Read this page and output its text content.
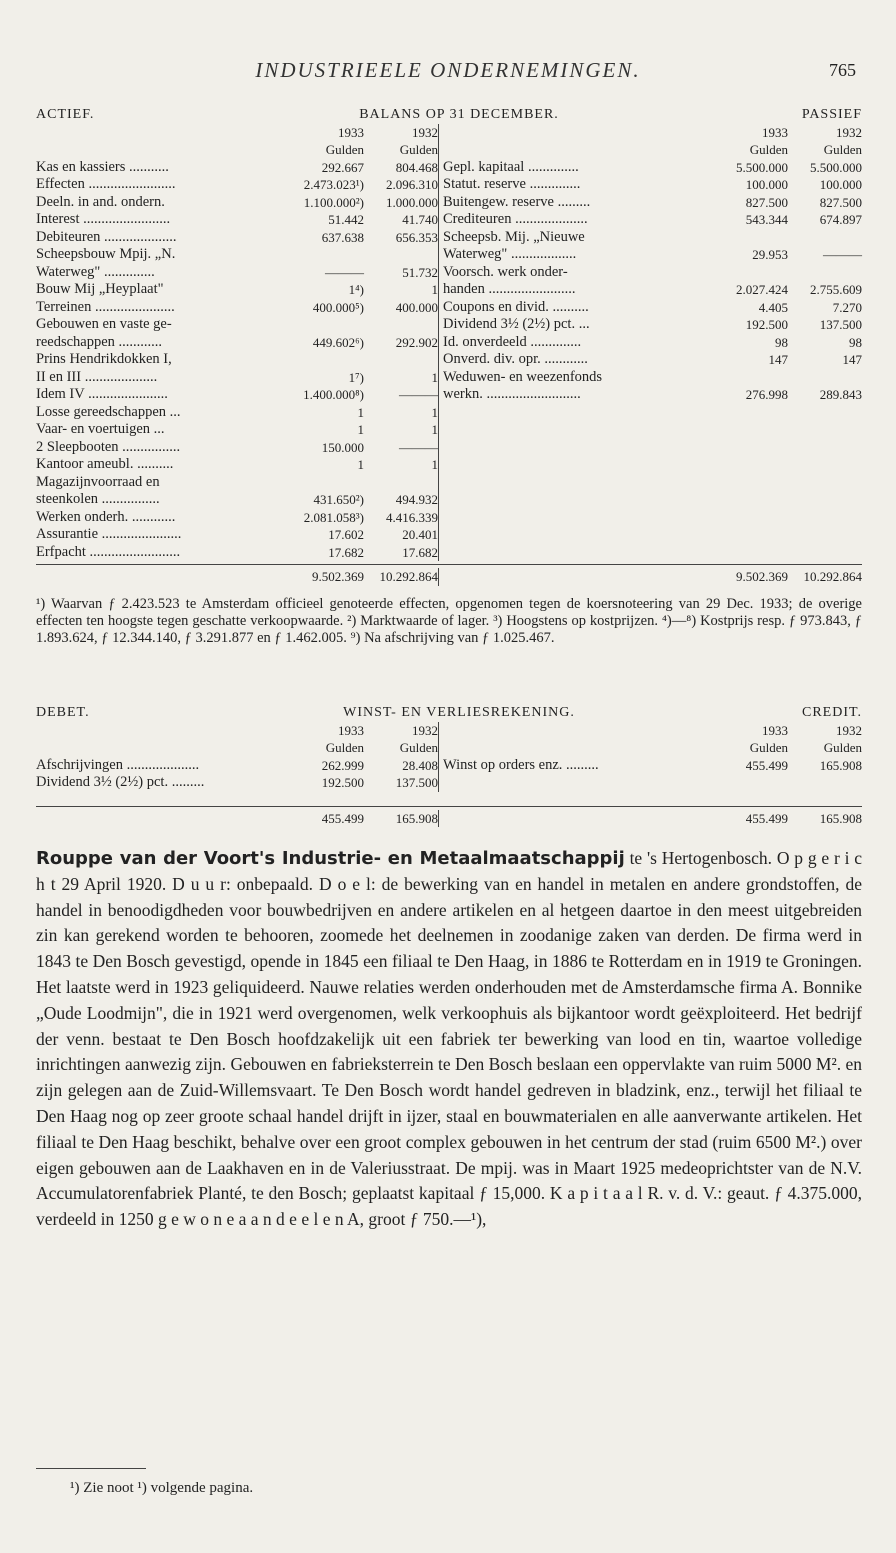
INDUSTRIEELE ONDERNEMINGEN.	765
ACTIEF.	BALANS OP 31 DECEMBER.	PASSIEF
1933	1932	1933	1932
Gulden	Gulden	Gulden	Gulden
Kas en kassiers ...........	292.667	804.468
Effecten ........................	2.473.023¹)	2.096.310
Deeln. in and. ondern.	1.100.000²)	1.000.000
Interest ........................	51.442	41.740
Debiteuren ....................	637.638	656.353
Scheepsbouw Mpij. „N.
Waterweg" ..............	———	51.732
Bouw Mij „Heyplaat"	1⁴)	1
Terreinen ......................	400.000⁵)	400.000
Gebouwen en vaste ge-
reedschappen ............	449.602⁶)	292.902
Prins Hendrikdokken I,
II en III ....................	1⁷)	1
Idem IV ......................	1.400.000⁸)	———
Losse gereedschappen ...	1	1
Vaar- en voertuigen ...	1	1
2 Sleepbooten ................	150.000	———
Kantoor ameubl. ..........	1	1
Magazijnvoorraad en
steenkolen ................	431.650²)	494.932
Werken onderh. ............	2.081.058³)	4.416.339
Assurantie ......................	17.602	20.401
Erfpacht .........................	17.682	17.682
Gepl. kapitaal ..............	5.500.000	5.500.000
Statut. reserve ..............	100.000	100.000
Buitengew. reserve .........	827.500	827.500
Crediteuren ....................	543.344	674.897
Scheepsb. Mij. „Nieuwe
Waterweg" ..................	29.953	———
Voorsch. werk onder-
handen ........................	2.027.424	2.755.609
Coupons en divid. ..........	4.405	7.270
Dividend 3½ (2½) pct. ...	192.500	137.500
Id. onverdeeld ..............	98	98
Onverd. div. opr. ............	147	147
Weduwen- en weezenfonds
werkn. ..........................	276.998	289.843
9.502.369	10.292.864	9.502.369	10.292.864
¹) Waarvan ƒ 2.423.523 te Amsterdam officieel genoteerde effecten, opgenomen tegen de koersnoteering van 29 Dec. 1933; de overige effecten ten hoogste tegen geschatte verkoopwaarde. ²) Marktwaarde of lager. ³) Hoogstens op kostprijzen. ⁴)—⁸) Kostprijs resp. ƒ 973.843, ƒ 1.893.624, ƒ 12.344.140, ƒ 3.291.877 en ƒ 1.462.005. ⁹) Na afschrijving van ƒ 1.025.467.
DEBET.	WINST- EN VERLIESREKENING.	CREDIT.
1933	1932	1933	1932
Gulden	Gulden	Gulden	Gulden
Afschrijvingen ....................	262.999	28.408
Dividend 3½ (2½) pct. .........	192.500	137.500
Winst op orders enz. .........	455.499	165.908
455.499	165.908	455.499	165.908
Rouppe van der Voort's Industrie- en Metaalmaatschappij te 's Hertogenbosch. O p g e r i c h t 29 April 1920. D u u r: onbepaald. D o e l: de bewerking van en handel in metalen en andere grondstoffen, de handel in benoodigdheden voor bouwbedrijven en andere artikelen en al hetgeen daartoe in den meest uitgebreiden zin kan gerekend worden te behooren, zoomede het deelnemen in zoodanige zaken van derden. De firma werd in 1843 te Den Bosch gevestigd, opende in 1845 een filiaal te Den Haag, in 1886 te Rotterdam en in 1919 te Groningen. Het laatste werd in 1923 geliquideerd. Nauwe relaties werden onderhouden met de Amsterdamsche firma A. Bonnike „Oude Loodmijn", die in 1921 werd overgenomen, welk verkoophuis als bijkantoor wordt geëxploiteerd. Het bedrijf der venn. bestaat te Den Bosch hoofdzakelijk uit een fabriek ter bewerking van lood en tin, waartoe volledige inrichtingen aanwezig zijn. Gebouwen en fabrieksterrein te Den Bosch beslaan een oppervlakte van ruim 5000 M². en zijn gelegen aan de Zuid-Willemsvaart. Te Den Bosch wordt handel gedreven in bladzink, enz., terwijl het filiaal te Den Haag nog op zeer groote schaal handel drijft in ijzer, staal en bouwmaterialen en alle aanverwante artikelen. Het filiaal te Den Haag beschikt, behalve over een groot complex gebouwen in het centrum der stad (ruim 6500 M².) over eigen gebouwen aan de Laakhaven en in de Valeriusstraat. De mpij. was in Maart 1925 medeoprichtster van de N.V. Accumulatorenfabriek Planté, te den Bosch; geplaatst kapitaal ƒ 15,000. K a p i t a a l R. v. d. V.: geaut. ƒ 4.375.000, verdeeld in 1250 g e w o n e a a n d e e l e n A, groot ƒ 750.—¹),
¹) Zie noot ¹) volgende pagina.
